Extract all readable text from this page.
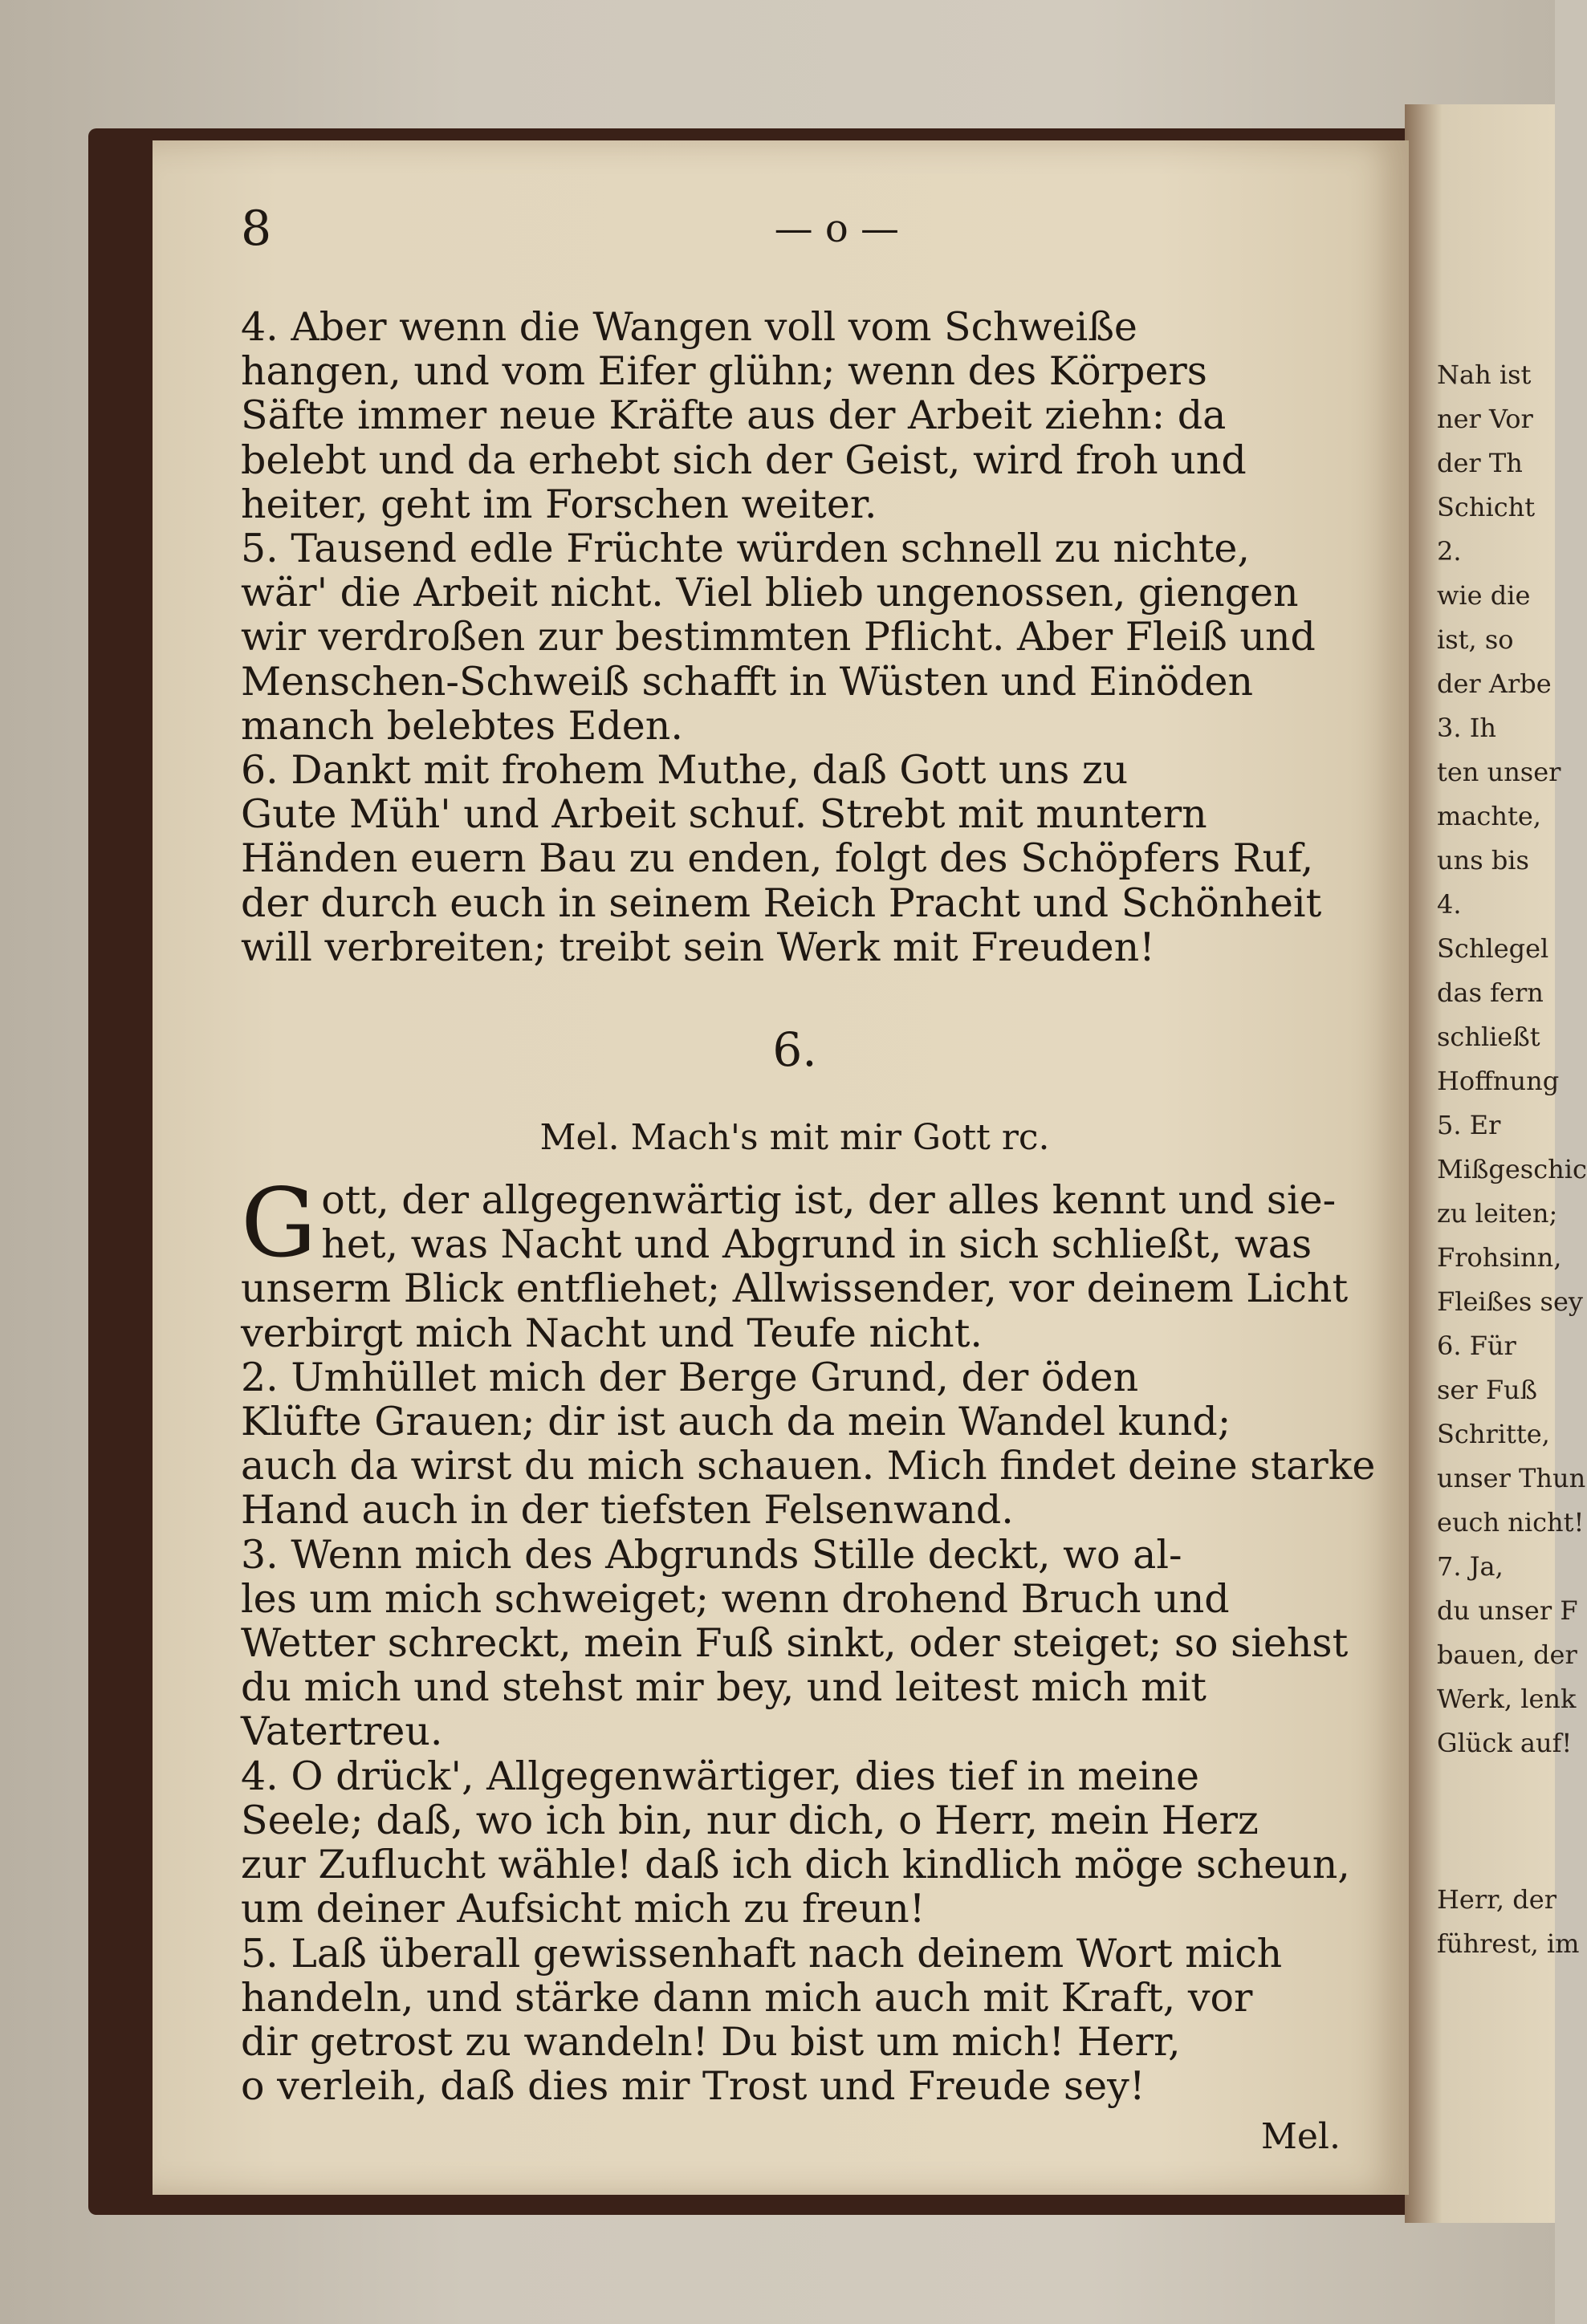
8	— o —

4. Aber wenn die Wangen voll vom Schweiße

hangen, und vom Eifer glühn; wenn des Körpers

Säfte immer neue Kräfte aus der Arbeit ziehn: da

belebt und da erhebt sich der Geist, wird froh und

heiter, geht im Forschen weiter.

5. Tausend edle Früchte würden schnell zu nichte,

wär' die Arbeit nicht. Viel blieb ungenossen, giengen

wir verdroßen zur bestimmten Pflicht. Aber Fleiß und

Menschen-Schweiß schafft in Wüsten und Einöden

manch belebtes Eden.

6. Dankt mit frohem Muthe, daß Gott uns zu

Gute Müh' und Arbeit schuf. Strebt mit muntern

Händen euern Bau zu enden, folgt des Schöpfers Ruf,

der durch euch in seinem Reich Pracht und Schönheit

will verbreiten; treibt sein Werk mit Freuden!

6.
Mel. Mach's mit mir Gott rc.
G ott, der allgegenwärtig ist, der alles kennt und sie-

het, was Nacht und Abgrund in sich schließt, was

unserm Blick entfliehet; Allwissender, vor deinem Licht

verbirgt mich Nacht und Teufe nicht.

2. Umhüllet mich der Berge Grund, der öden

Klüfte Grauen; dir ist auch da mein Wandel kund;

auch da wirst du mich schauen. Mich findet deine starke

Hand auch in der tiefsten Felsenwand.

3. Wenn mich des Abgrunds Stille deckt, wo al-

les um mich schweiget; wenn drohend Bruch und

Wetter schreckt, mein Fuß sinkt, oder steiget; so siehst

du mich und stehst mir bey, und leitest mich mit

Vatertreu.

4. O drück', Allgegenwärtiger, dies tief in meine

Seele; daß, wo ich bin, nur dich, o Herr, mein Herz

zur Zuflucht wähle! daß ich dich kindlich möge scheun,

um deiner Aufsicht mich zu freun!

5. Laß überall gewissenhaft nach deinem Wort mich

handeln, und stärke dann mich auch mit Kraft, vor

dir getrost zu wandeln! Du bist um mich! Herr,

o verleih, daß dies mir Trost und Freude sey!

Mel.
Nah ist
ner Vor
der Th
Schicht
2.
wie die
ist, so
der Arbe
3. Ih
ten unser
machte,
uns bis
4.
Schlegel
das fern
schließt
Hoffnung
5. Er
Mißgeschic
zu leiten;
Frohsinn,
Fleißes sey
6. Für
ser Fuß
Schritte,
unser Thun
euch nicht!
7. Ja,
du unser F
bauen, der
Werk, lenk
Glück auf!
Herr, der
führest, im
